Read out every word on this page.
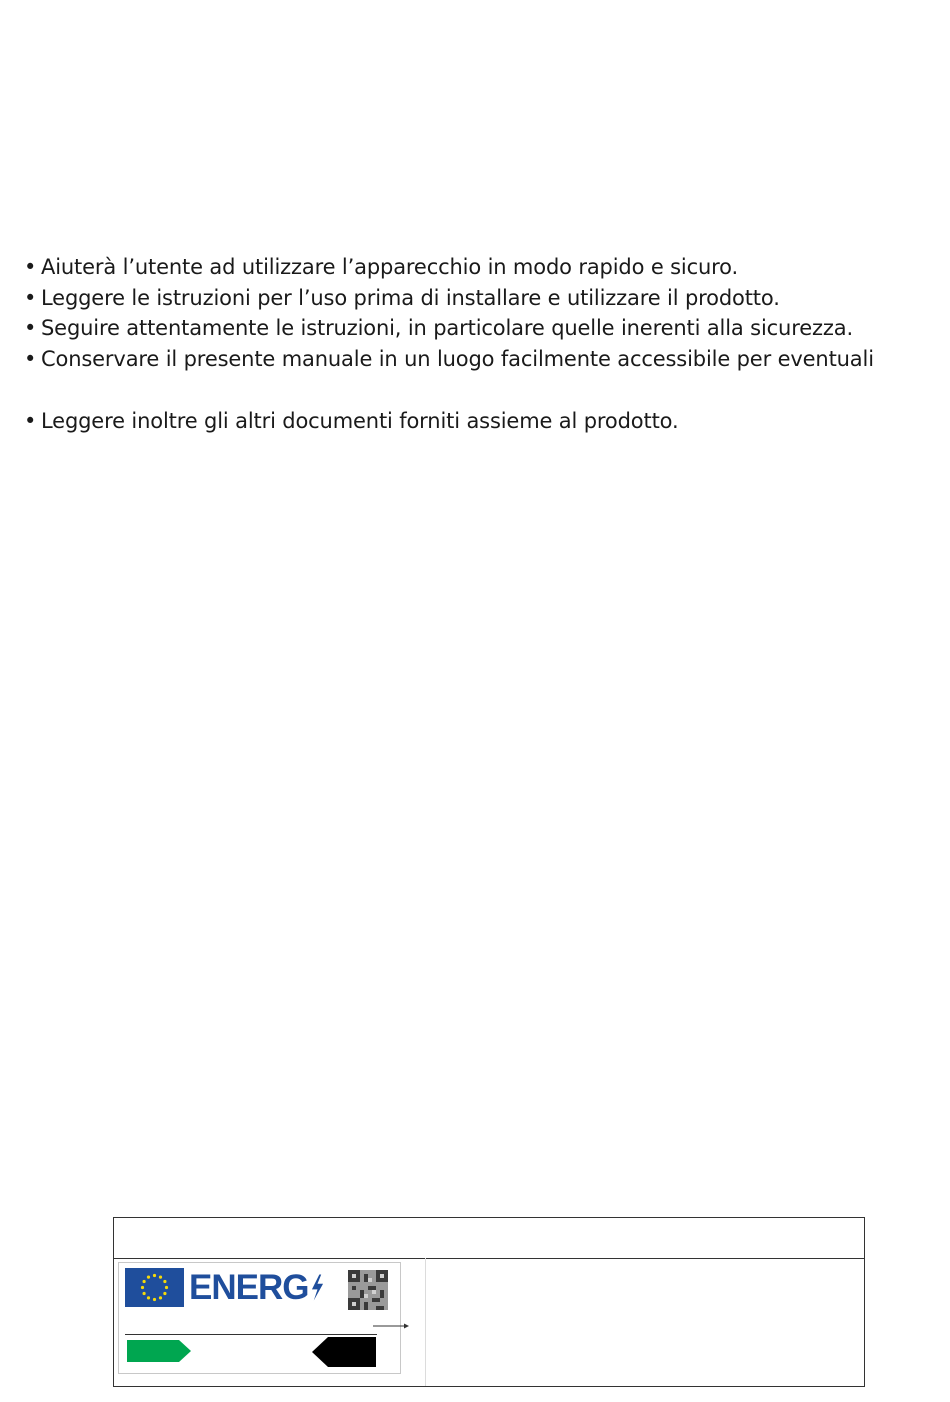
• Aiuterà l’utente ad utilizzare l’apparecchio in modo rapido e sicuro.
• Leggere le istruzioni per l’uso prima di installare e utilizzare il prodotto.
• Seguire attentamente le istruzioni, in particolare quelle inerenti alla sicurezza.
• Conservare il presente manuale in un luogo facilmente accessibile per eventuali
• Leggere inoltre gli altri documenti forniti assieme al prodotto.
ENERG
